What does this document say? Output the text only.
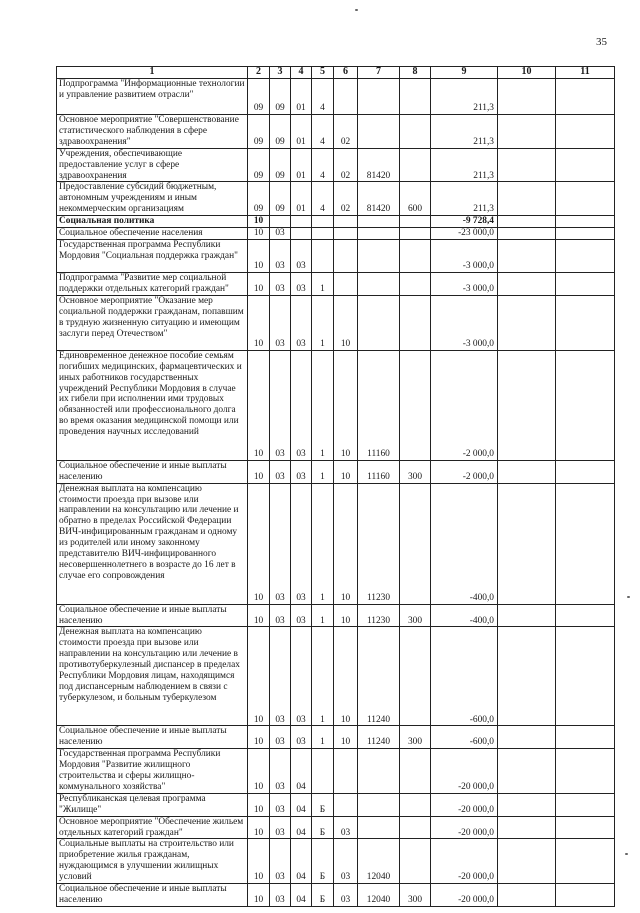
35
1	2	3	4	5	6	7	8	9	10	11
Подпрограмма "Информационные технологии и управление развитием отрасли"	09	09	01	4				211,3		
Основное мероприятие "Совершенствование статистического наблюдения в сфере здравоохранения"	09	09	01	4	02			211,3		
Учреждения, обеспечивающие предоставление услуг в сфере здравоохранения	09	09	01	4	02	81420		211,3		
Предоставление субсидий бюджетным, автономным учреждениям и иным некоммерческим организациям	09	09	01	4	02	81420	600	211,3		
Социальная политика	10							-9 728,4		
Социальное обеспечение населения	10	03						-23 000,0		
Государственная программа Республики Мордовия "Социальная поддержка граждан"	10	03	03					-3 000,0		
Подпрограмма "Развитие мер социальной поддержки отдельных категорий граждан"	10	03	03	1				-3 000,0		
Основное мероприятие "Оказание мер социальной поддержки гражданам, попавшим в трудную жизненную ситуацию и имеющим заслуги перед Отечеством"	10	03	03	1	10			-3 000,0		
Единовременное денежное пособие семьям погибших медицинских, фармацевтических и иных работников государственных учреждений Республики Мордовия в случае их гибели при исполнении ими трудовых обязанностей или профессионального долга во время оказания медицинской помощи или проведения научных исследований	10	03	03	1	10	11160		-2 000,0		
Социальное обеспечение и иные выплаты населению	10	03	03	1	10	11160	300	-2 000,0		
Денежная выплата на компенсацию стоимости проезда при вызове или направлении на консультацию или лечение и обратно в пределах Российской Федерации ВИЧ-инфицированным гражданам и одному из родителей или иному законному представителю ВИЧ-инфицированного несовершеннолетнего в возрасте до 16 лет в случае его сопровождения	10	03	03	1	10	11230		-400,0		
Социальное обеспечение и иные выплаты населению	10	03	03	1	10	11230	300	-400,0		
Денежная выплата на компенсацию стоимости проезда при вызове или направлении на консультацию или лечение в противотуберкулезный диспансер в пределах Республики Мордовия лицам, находящимся под диспансерным наблюдением в связи с туберкулезом, и больным туберкулезом	10	03	03	1	10	11240		-600,0		
Социальное обеспечение и иные выплаты населению	10	03	03	1	10	11240	300	-600,0		
Государственная программа Республики Мордовия "Развитие жилищного строительства и сферы жилищно-коммунального хозяйства"	10	03	04					-20 000,0		
Республиканская целевая программа "Жилище"	10	03	04	Б				-20 000,0		
Основное мероприятие "Обеспечение жильем отдельных категорий граждан"	10	03	04	Б	03			-20 000,0		
Социальные выплаты на строительство или приобретение жилья гражданам, нуждающимся в улучшении жилищных условий	10	03	04	Б	03	12040		-20 000,0		
Социальное обеспечение и иные выплаты населению	10	03	04	Б	03	12040	300	-20 000,0		
